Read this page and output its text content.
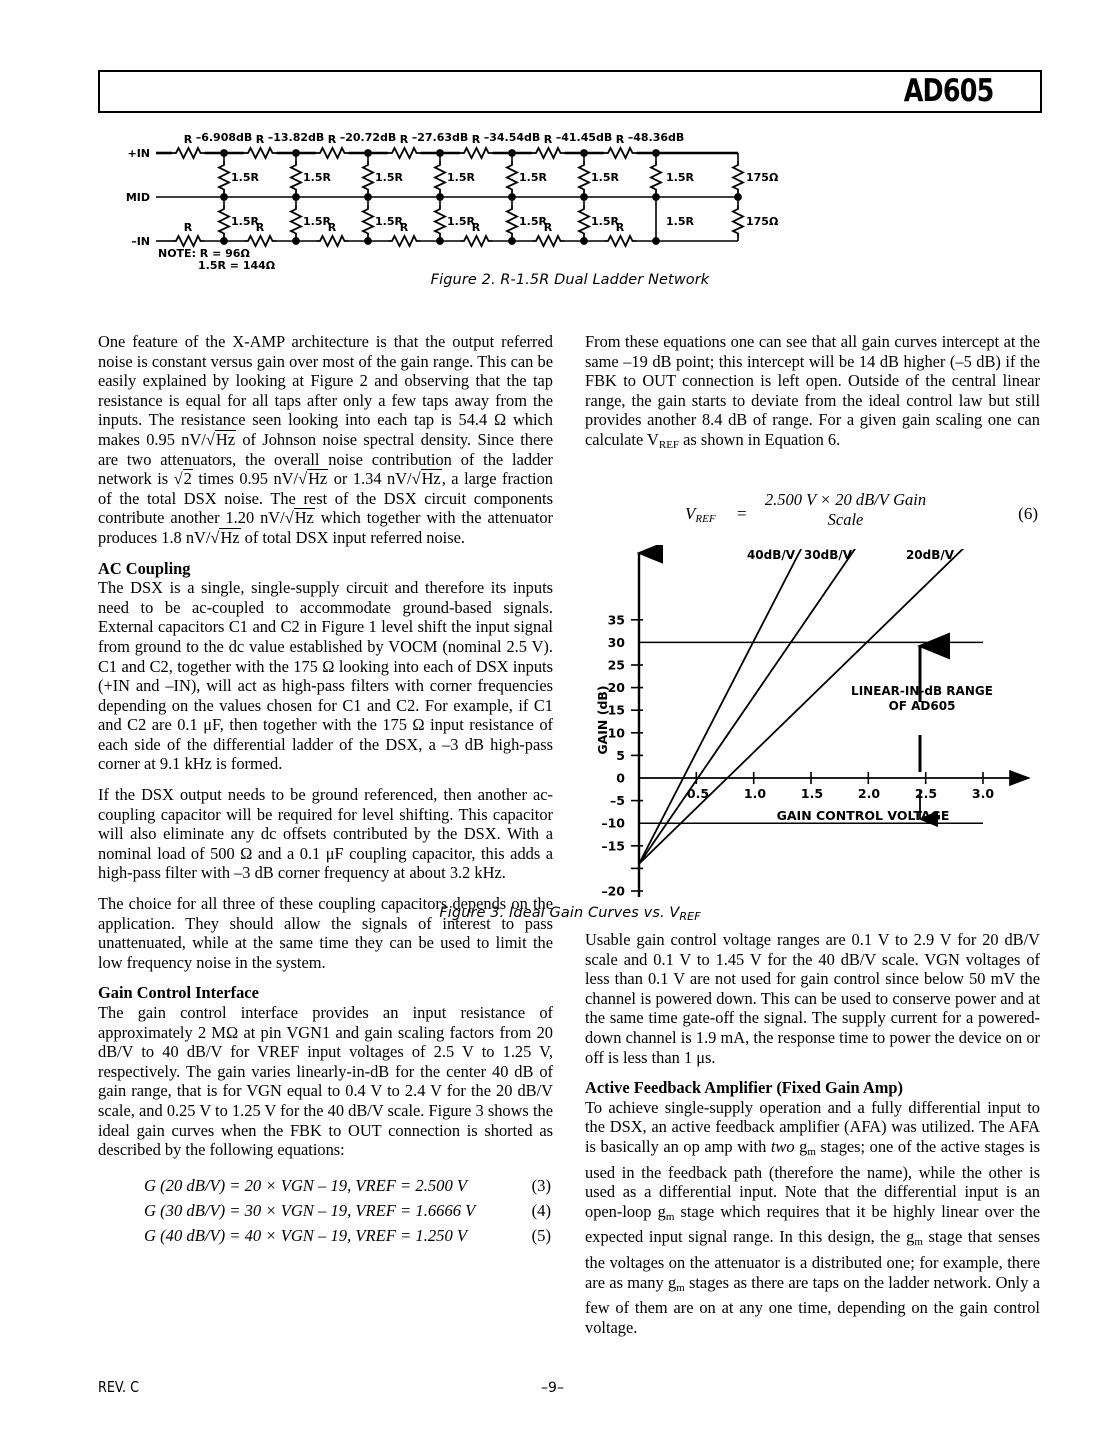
AD605
+IN
MID
–IN
R	R	R	R	R	R	R
R	R	R	R	R	R	R
–6.908dB –13.82dB –20.72dB –27.63dB –34.54dB –41.45dB –48.36dB
1.5R	1.5R	1.5R	1.5R	1.5R	1.5R	1.5R
1.5R	1.5R	1.5R	1.5R	1.5R	1.5R	1.5R
175Ω
175Ω
NOTE: R = 96Ω
1.5R = 144Ω
Figure 2. R-1.5R Dual Ladder Network

One feature of the X-AMP architecture is that the output referred noise is constant versus gain over most of the gain range. This can be easily explained by looking at Figure 2 and observing that the tap resistance is equal for all taps after only a few taps away from the inputs. The resistance seen looking into each tap is 54.4 Ω which makes 0.95 nV/√Hz of Johnson noise spectral density. Since there are two attenuators, the overall noise contribution of the ladder network is √2 times 0.95 nV/√Hz or 1.34 nV/√Hz, a large fraction of the total DSX noise. The rest of the DSX circuit components contribute another 1.20 nV/√Hz which together with the attenuator produces 1.8 nV/√Hz of total DSX input referred noise.

AC Coupling

The DSX is a single, single-supply circuit and therefore its inputs need to be ac-coupled to accommodate ground-based signals. External capacitors C1 and C2 in Figure 1 level shift the input signal from ground to the dc value established by VOCM (nominal 2.5 V). C1 and C2, together with the 175 Ω looking into each of DSX inputs (+IN and –IN), will act as high-pass filters with corner frequencies depending on the values chosen for C1 and C2. For example, if C1 and C2 are 0.1 μF, then together with the 175 Ω input resistance of each side of the differential ladder of the DSX, a –3 dB high-pass corner at 9.1 kHz is formed.

If the DSX output needs to be ground referenced, then another ac-coupling capacitor will be required for level shifting. This capacitor will also eliminate any dc offsets contributed by the DSX. With a nominal load of 500 Ω and a 0.1 μF coupling capacitor, this adds a high-pass filter with –3 dB corner frequency at about 3.2 kHz.

The choice for all three of these coupling capacitors depends on the application. They should allow the signals of interest to pass unattenuated, while at the same time they can be used to limit the low frequency noise in the system.

Gain Control Interface

The gain control interface provides an input resistance of approximately 2 MΩ at pin VGN1 and gain scaling factors from 20 dB/V to 40 dB/V for VREF input voltages of 2.5 V to 1.25 V, respectively. The gain varies linearly-in-dB for the center 40 dB of gain range, that is for VGN equal to 0.4 V to 2.4 V for the 20 dB/V scale, and 0.25 V to 1.25 V for the 40 dB/V scale. Figure 3 shows the ideal gain curves when the FBK to OUT connection is shorted as described by the following equations:

G (20 dB/V) = 20 × VGN – 19, VREF = 2.500 V	(3)
G (30 dB/V) = 30 × VGN – 19, VREF = 1.6666 V	(4)
G (40 dB/V) = 40 × VGN – 19, VREF = 1.250 V	(5)

From these equations one can see that all gain curves intercept at the same –19 dB point; this intercept will be 14 dB higher (–5 dB) if the FBK to OUT connection is left open. Outside of the central linear range, the gain starts to deviate from the ideal control law but still provides another 8.4 dB of range. For a given gain scaling one can calculate $V_{REF}$ as shown in Equation 6.

$V_{REF}$ =
2.500 V × 20 dB/V Gain Scale	(6)
35
30
25
20
15
10
5
0
–5
–10
–15
–20
0.5	1.0	1.5	2.0	2.5	3.0
GAIN CONTROL VOLTAGE
GAIN (dB)
40dB/V 30dB/V	20dB/V
LINEAR-IN-dB RANGE
OF AD605
Figure 3. Ideal Gain Curves vs. $V_{REF}$

Usable gain control voltage ranges are 0.1 V to 2.9 V for 20 dB/V scale and 0.1 V to 1.45 V for the 40 dB/V scale. VGN voltages of less than 0.1 V are not used for gain control since below 50 mV the channel is powered down. This can be used to conserve power and at the same time gate-off the signal. The supply current for a powered-down channel is 1.9 mA, the response time to power the device on or off is less than 1 μs.

Active Feedback Amplifier (Fixed Gain Amp)

To achieve single-supply operation and a fully differential input to the DSX, an active feedback amplifier (AFA) was utilized. The AFA is basically an op amp with two $g_m$ stages; one of the active stages is used in the feedback path (therefore the name), while the other is used as a differential input. Note that the differential input is an open-loop $g_m$ stage which requires that it be highly linear over the expected input signal range. In this design, the $g_m$ stage that senses the voltages on the attenuator is a distributed one; for example, there are as many $g_m$ stages as there are taps on the ladder network. Only a few of them are on at any one time, depending on the gain control voltage.

REV. C	–9–
